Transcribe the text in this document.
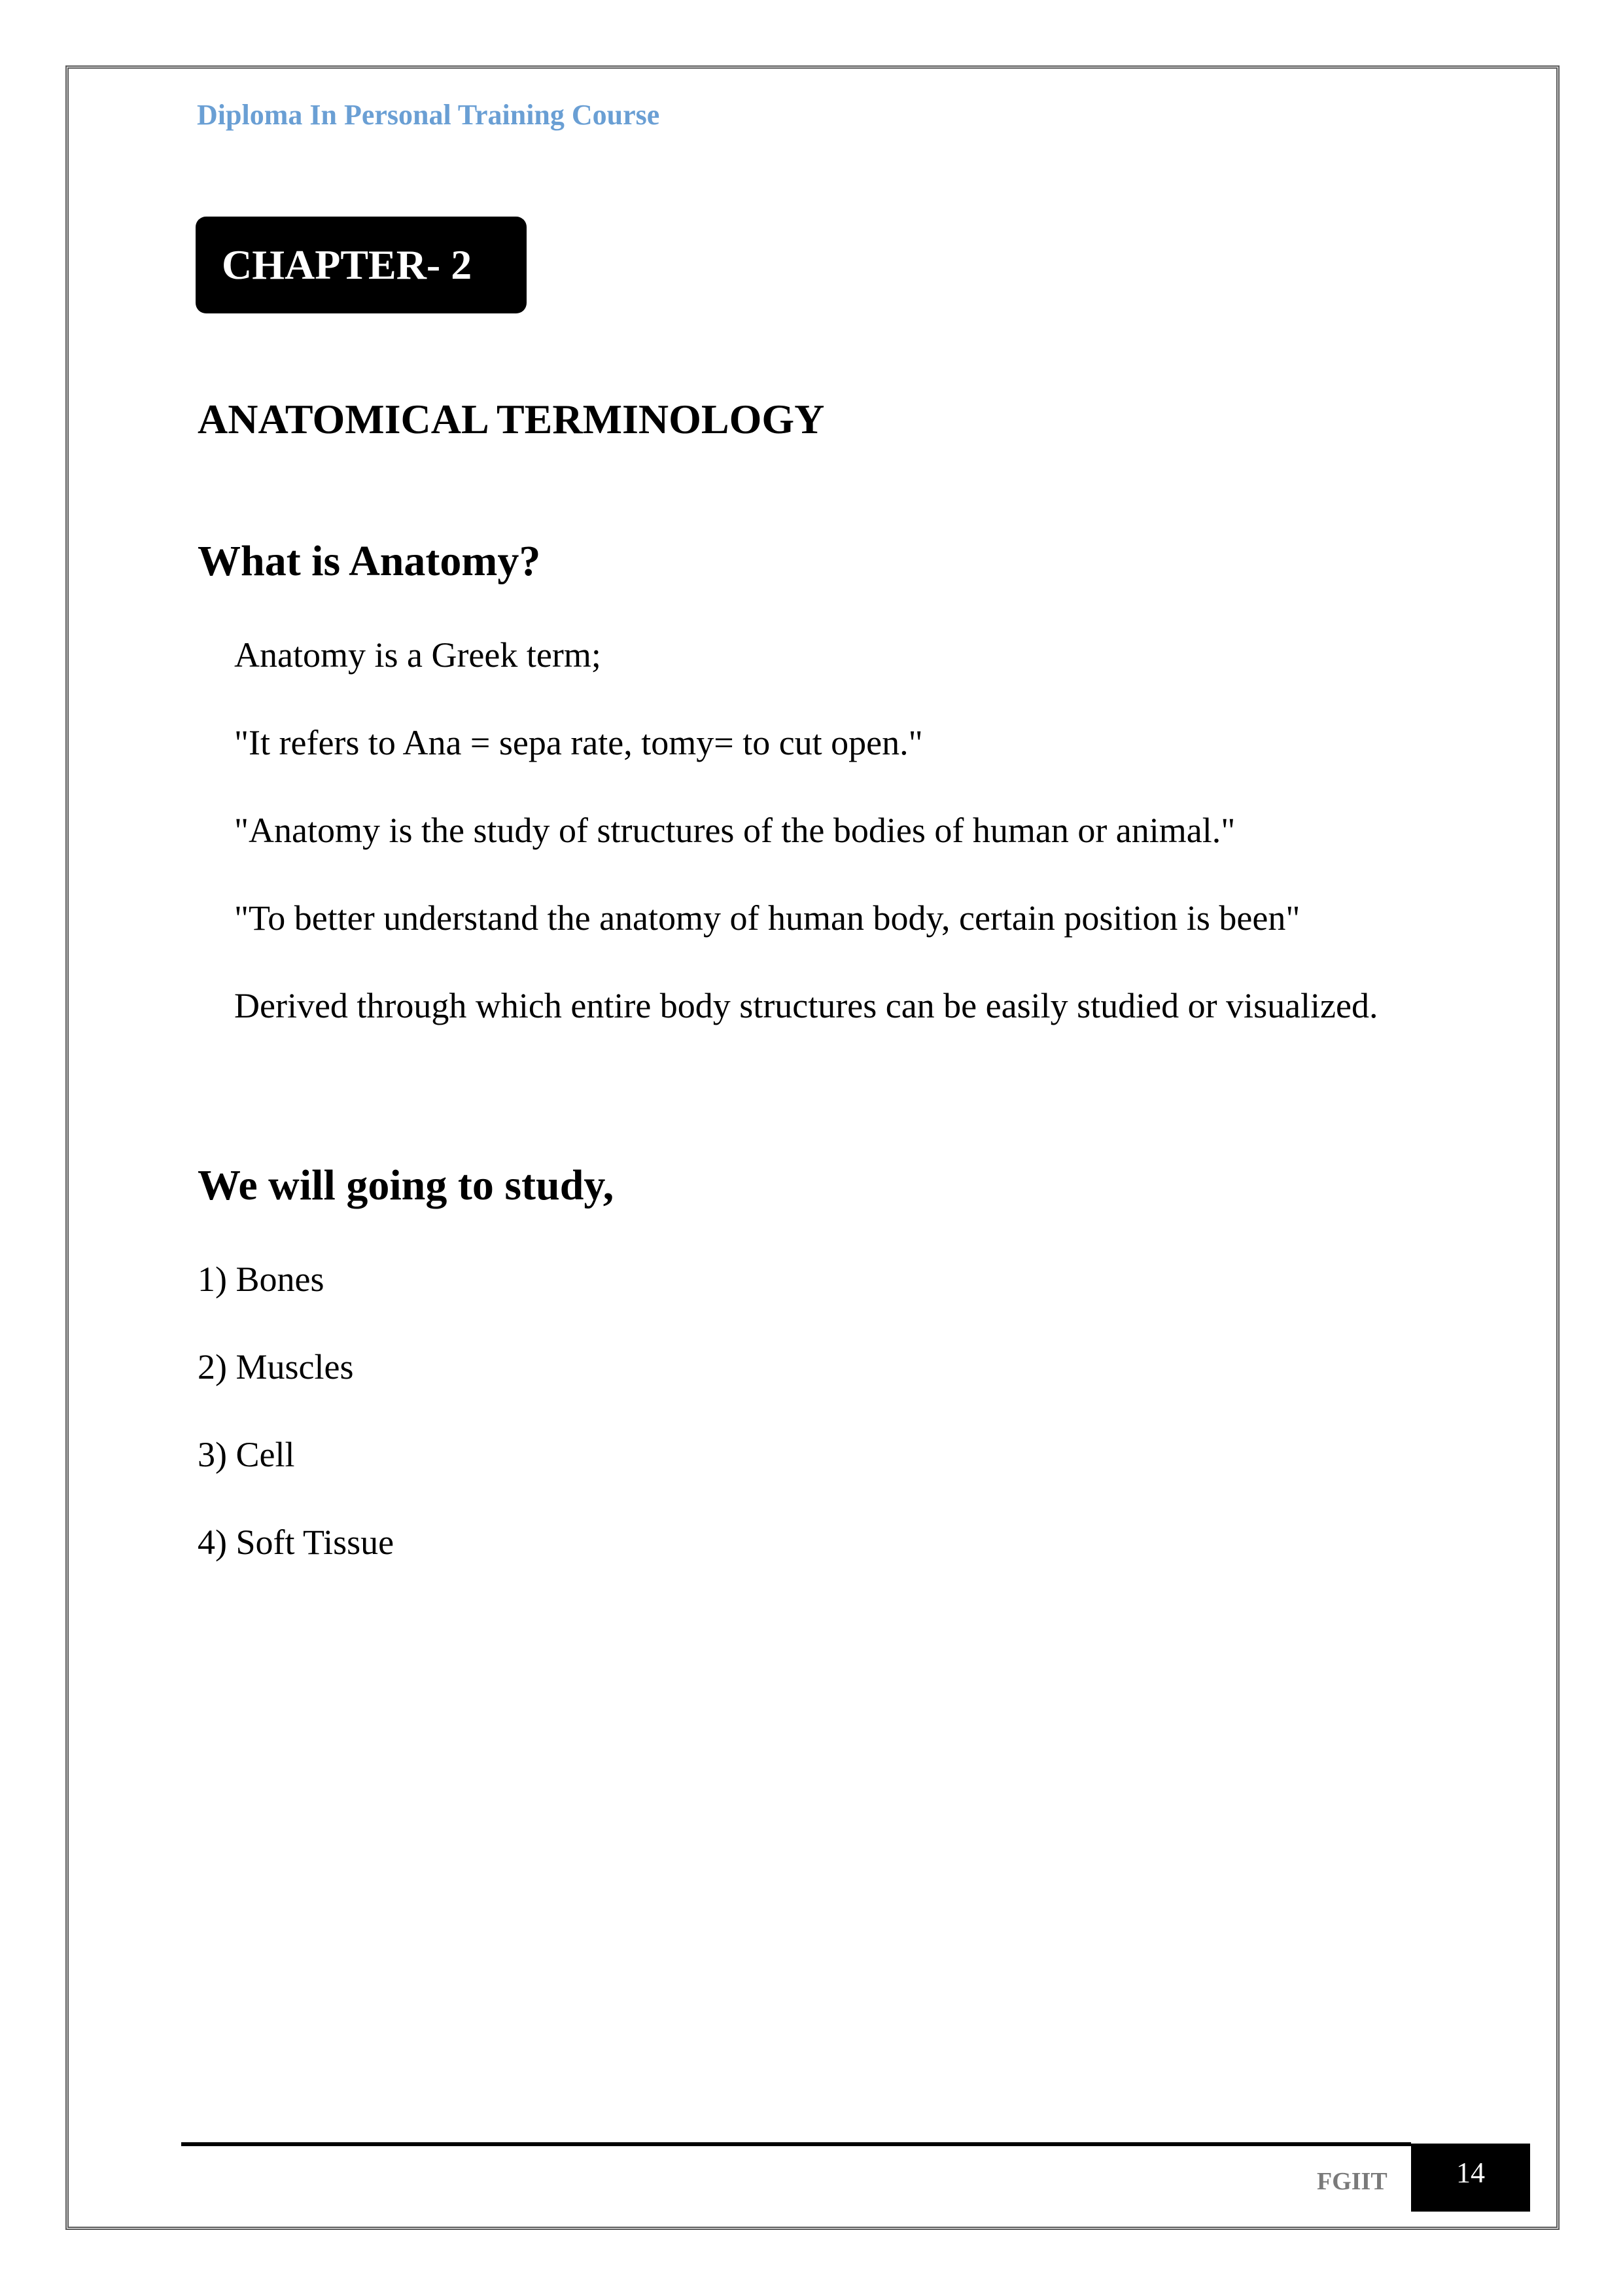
Diploma In Personal Training Course
CHAPTER- 2
ANATOMICAL TERMINOLOGY
What is Anatomy?
Anatomy is a Greek term;
"It refers to Ana = sepa rate, tomy= to cut open."
"Anatomy is the study of structures of the bodies of human or animal."
"To better understand the anatomy of human body, certain position is been"
Derived through which entire body structures can be easily studied or visualized.
We will going to study,
1) Bones
2) Muscles
3) Cell
4) Soft Tissue
FGIIT	14
